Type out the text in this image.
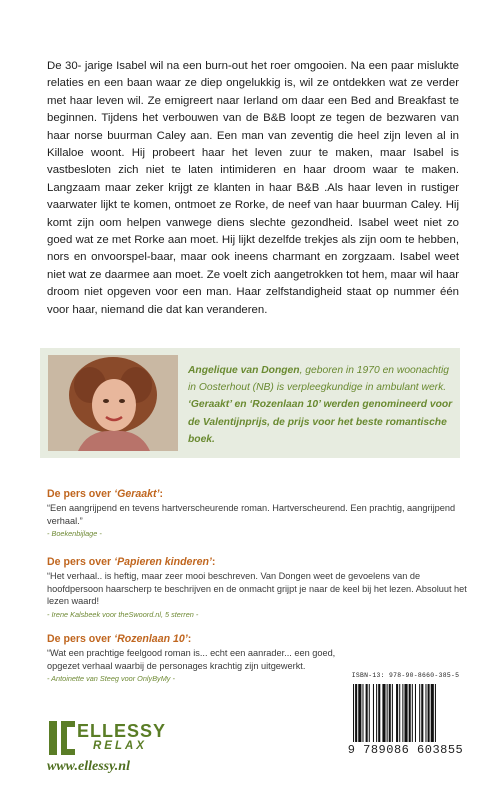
De 30- jarige Isabel wil na een burn-out het roer omgooien. Na een paar mislukte relaties en een baan waar ze diep ongelukkig is, wil ze ontdekken wat ze verder met haar leven wil. Ze emigreert naar Ierland om daar een Bed and Breakfast te beginnen. Tijdens het verbouwen van de B&B loopt ze tegen de bezwaren van haar norse buurman Caley aan. Een man van zeventig die heel zijn leven al in Killaloe woont. Hij probeert haar het leven zuur te maken, maar Isabel is vastbesloten zich niet te laten intimideren en haar droom waar te maken. Langzaam maar zeker krijgt ze klanten in haar B&B .Als haar leven in rustiger vaarwater lijkt te komen, ontmoet ze Rorke, de neef van haar buurman Caley. Hij komt zijn oom helpen vanwege diens slechte gezondheid. Isabel weet niet zo goed wat ze met Rorke aan moet. Hij lijkt dezelfde trekjes als zijn oom te hebben, nors en onvoorspel-baar, maar ook ineens charmant en zorgzaam. Isabel weet niet wat ze daarmee aan moet. Ze voelt zich aangetrokken tot hem, maar wil haar droom niet opgeven voor een man. Haar zelfstandigheid staat op nummer één voor haar, niemand die dat kan veranderen.

Angelique van Dongen, geboren in 1970 en woonachtig in Oosterhout (NB) is verpleegkundige in ambulant werk.
‘Geraakt’ en ‘Rozenlaan 10’ werden genomineerd voor de Valentijnprijs, de prijs voor het beste romantische boek.

De pers over ‘Geraakt’:

“Een aangrijpend en tevens hartverscheurende roman. Hartverscheurend. Een prachtig, aangrijpend verhaal.”

- Boekenbijlage -

De pers over ‘Papieren kinderen’:

“Het verhaal.. is heftig, maar zeer mooi beschreven. Van Dongen weet de gevoelens van de hoofdpersoon haarscherp te beschrijven en de onmacht grijpt je naar de keel bij het lezen. Absoluut het lezen waard!

- Irene Kalsbeek voor theSwoord.nl, 5 sterren -

De pers over ‘Rozenlaan 10’:

“Wat een prachtige feelgood roman is... echt een aanrader... een goed, opgezet verhaal waarbij de personages krachtig zijn uitgewerkt.

- Antoinette van Steeg voor OnlyByMy -
ELLESSY
RELAX
www.ellessy.nl
ISBN-13: 978-90-8660-385-5
9 789086 603855
